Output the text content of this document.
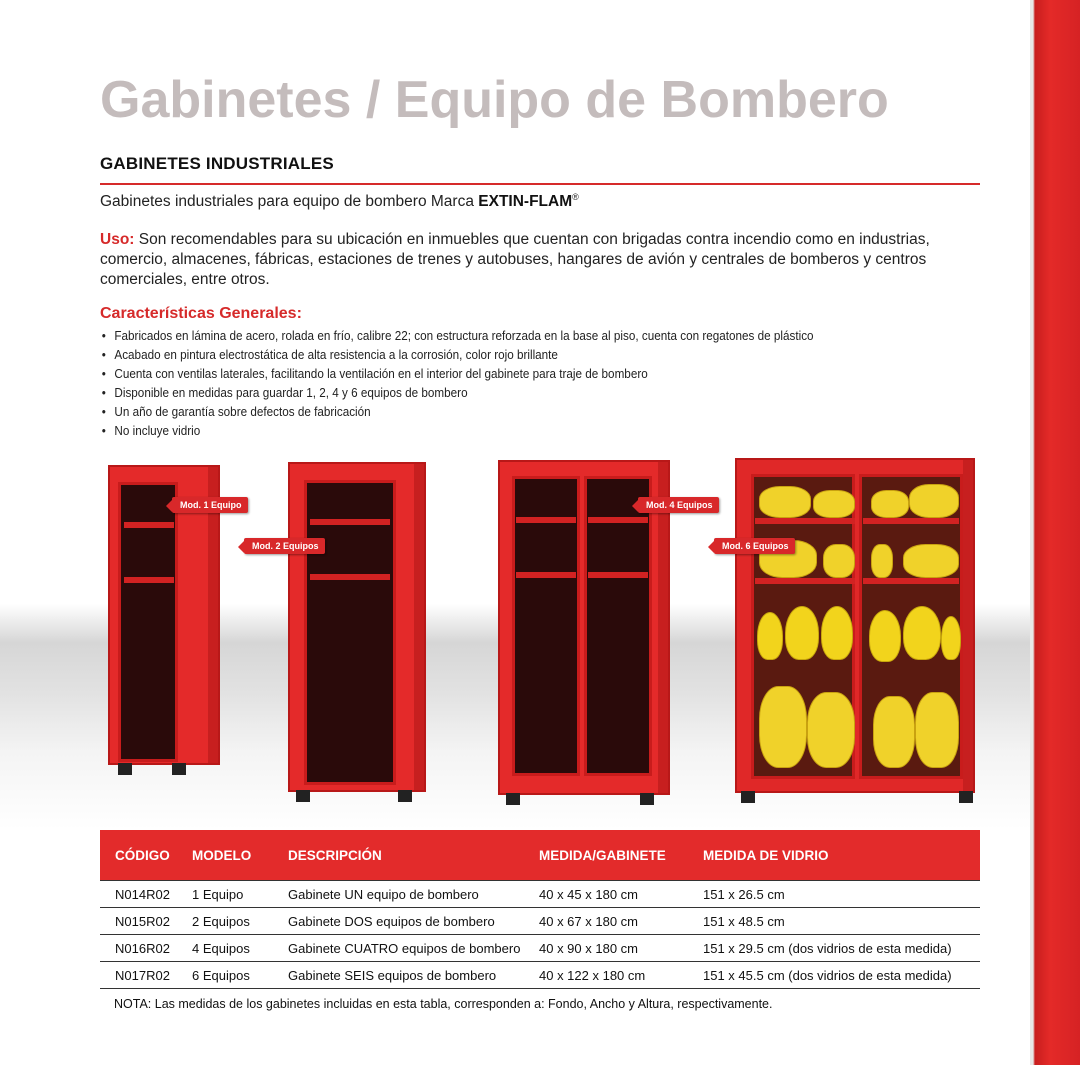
Gabinetes / Equipo de Bombero
GABINETES INDUSTRIALES
Gabinetes industriales para equipo de bombero Marca EXTIN-FLAM®
Uso: Son recomendables para su ubicación en inmuebles que cuentan con brigadas contra incendio como en industrias, comercio, almacenes, fábricas, estaciones de trenes y autobuses, hangares de avión y centrales de bomberos y centros comerciales, entre otros.
Características Generales:
• Fabricados en lámina de acero, rolada en frío, calibre 22; con estructura reforzada en la base al piso, cuenta con regatones de plástico
• Acabado en pintura electrostática de alta resistencia a la corrosión, color rojo brillante
• Cuenta con ventilas laterales, facilitando la ventilación en el interior del gabinete para traje de bombero
• Disponible en medidas para guardar 1, 2, 4 y 6 equipos de bombero
• Un año de garantía sobre defectos de fabricación
• No incluye vidrio
Mod. 1 Equipo
Mod. 2 Equipos
Mod. 4 Equipos
Mod. 6 Equipos
CÓDIGO	MODELO	DESCRIPCIÓN	MEDIDA/GABINETE	MEDIDA DE VIDRIO
N014R02	1 Equipo	Gabinete UN equipo de bombero	40 x 45 x 180 cm	151 x 26.5 cm
N015R02	2 Equipos	Gabinete DOS equipos de bombero	40 x 67 x 180 cm	151 x 48.5 cm
N016R02	4 Equipos	Gabinete CUATRO equipos de bombero	40 x 90 x 180 cm	151 x 29.5 cm (dos vidrios de esta medida)
N017R02	6 Equipos	Gabinete SEIS equipos de bombero	40 x 122 x 180 cm	151 x 45.5 cm (dos vidrios de esta medida)
NOTA: Las medidas de los gabinetes incluidas en esta tabla, corresponden a: Fondo, Ancho y Altura, respectivamente.
